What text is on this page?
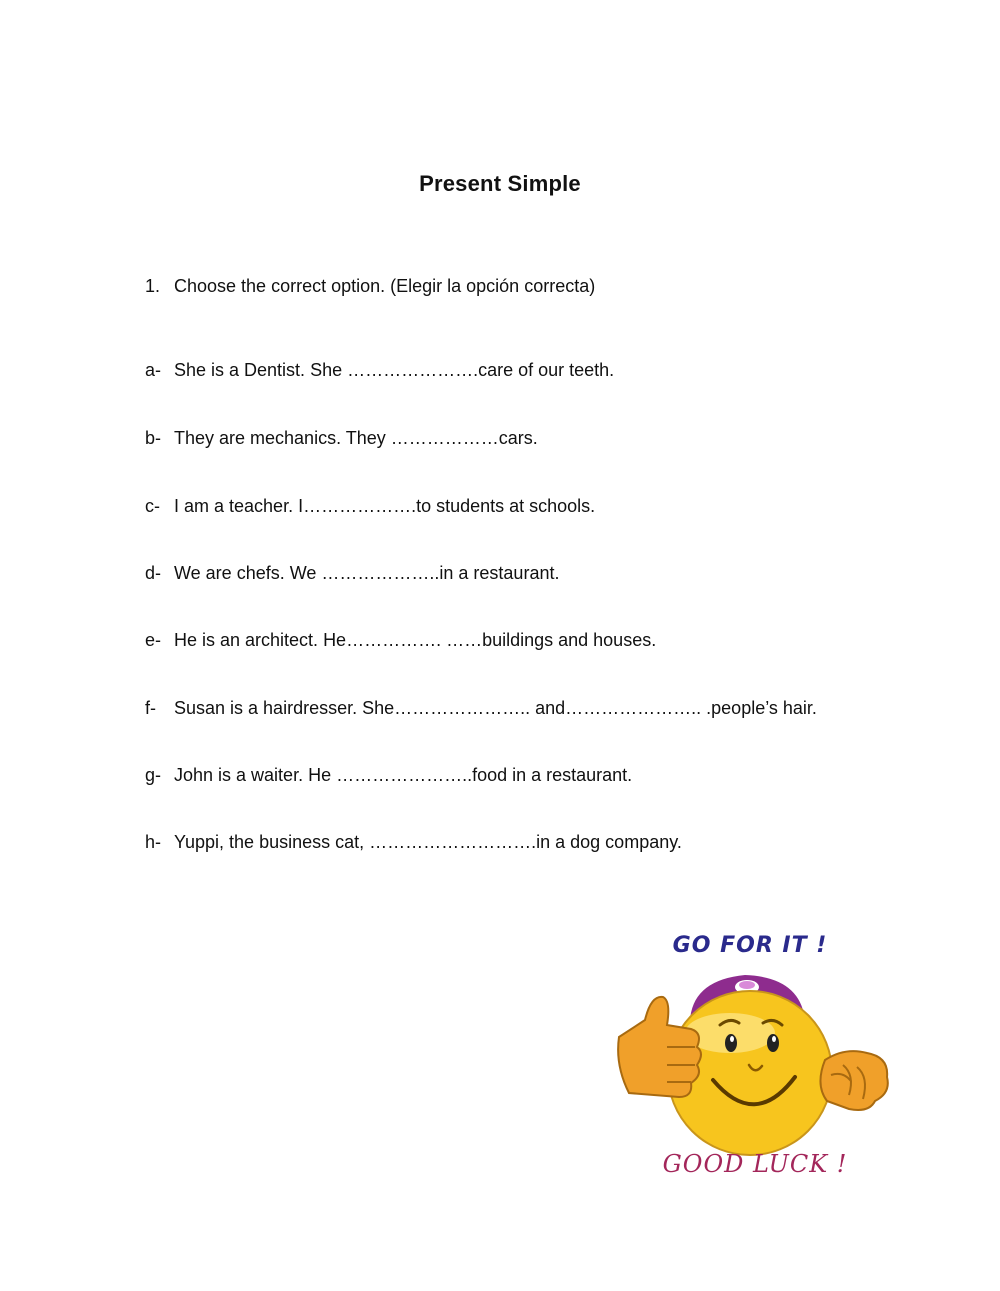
Present Simple
1. Choose the correct option. (Elegir la opción correcta)
a- She is a Dentist. She ………………….care of our teeth.
b- They are mechanics. They ………………cars.
c- I am a teacher. I……………….to students at schools.
d- We are chefs. We ………………..in a restaurant.
e- He is an architect. He……………. ……buildings and houses.
f- Susan is a hairdresser. She………………….. and………………….. .people’s hair.
g- John is a waiter. He …………………..food in a restaurant.
h- Yuppi, the business cat, ……………………….in a dog company.
GO FOR IT !
GOOD LUCK !
